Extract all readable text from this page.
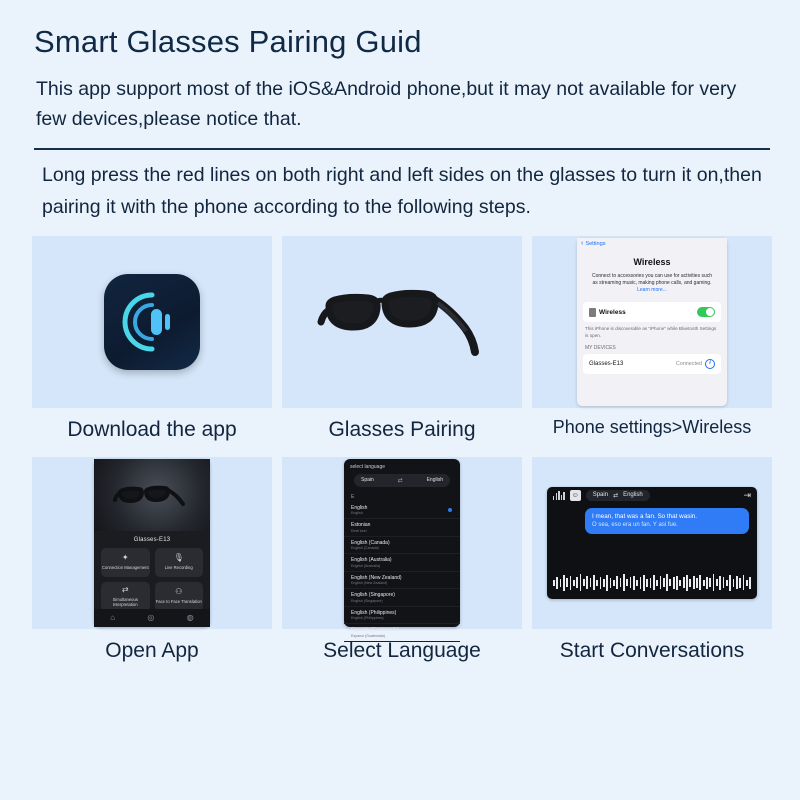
Smart Glasses Pairing Guid

This app support most of the iOS&Android phone,but it may not available for very few devices,please notice that.

Long press the red lines on both right and left sides on the glasses to turn it on,then pairing it with the phone according to the following steps.

Download the app	Glasses Pairing
‹ Settings
Wireless
Connect to accessories you can use for activities such as streaming music, making phone calls, and gaming. Learn more...
Wireless
This iPhone is discoverable as "iPhone" while Bluetooth Settings is open.
MY DEVICES
Glasses-E13	Connected	i
Phone settings>Wireless
Glasses-E13
✦
Connection Management
🎙
Live Recording
⇄
Simultaneous Interpretation
⚇
Face to Face Translation
⌂	◎	◍
Open App
select language
Spain	⇄	English
E
English
English
Estonian
Eesti keel
English (Canada)
English (Canada)
English (Australia)
English (Australia)
English (New Zealand)
English (New Zealand)
English (Singapore)
English (Singapore)
English (Philippines)
English (Philippines)
Spanish (Guatemala)
Espanol (Guatemala)
Select Language
☺	Spain ⇄ English	⇥
I mean, that was a fan. So that wasin.
O sea, eso era un fan. Y asi fue.
Start Conversations
